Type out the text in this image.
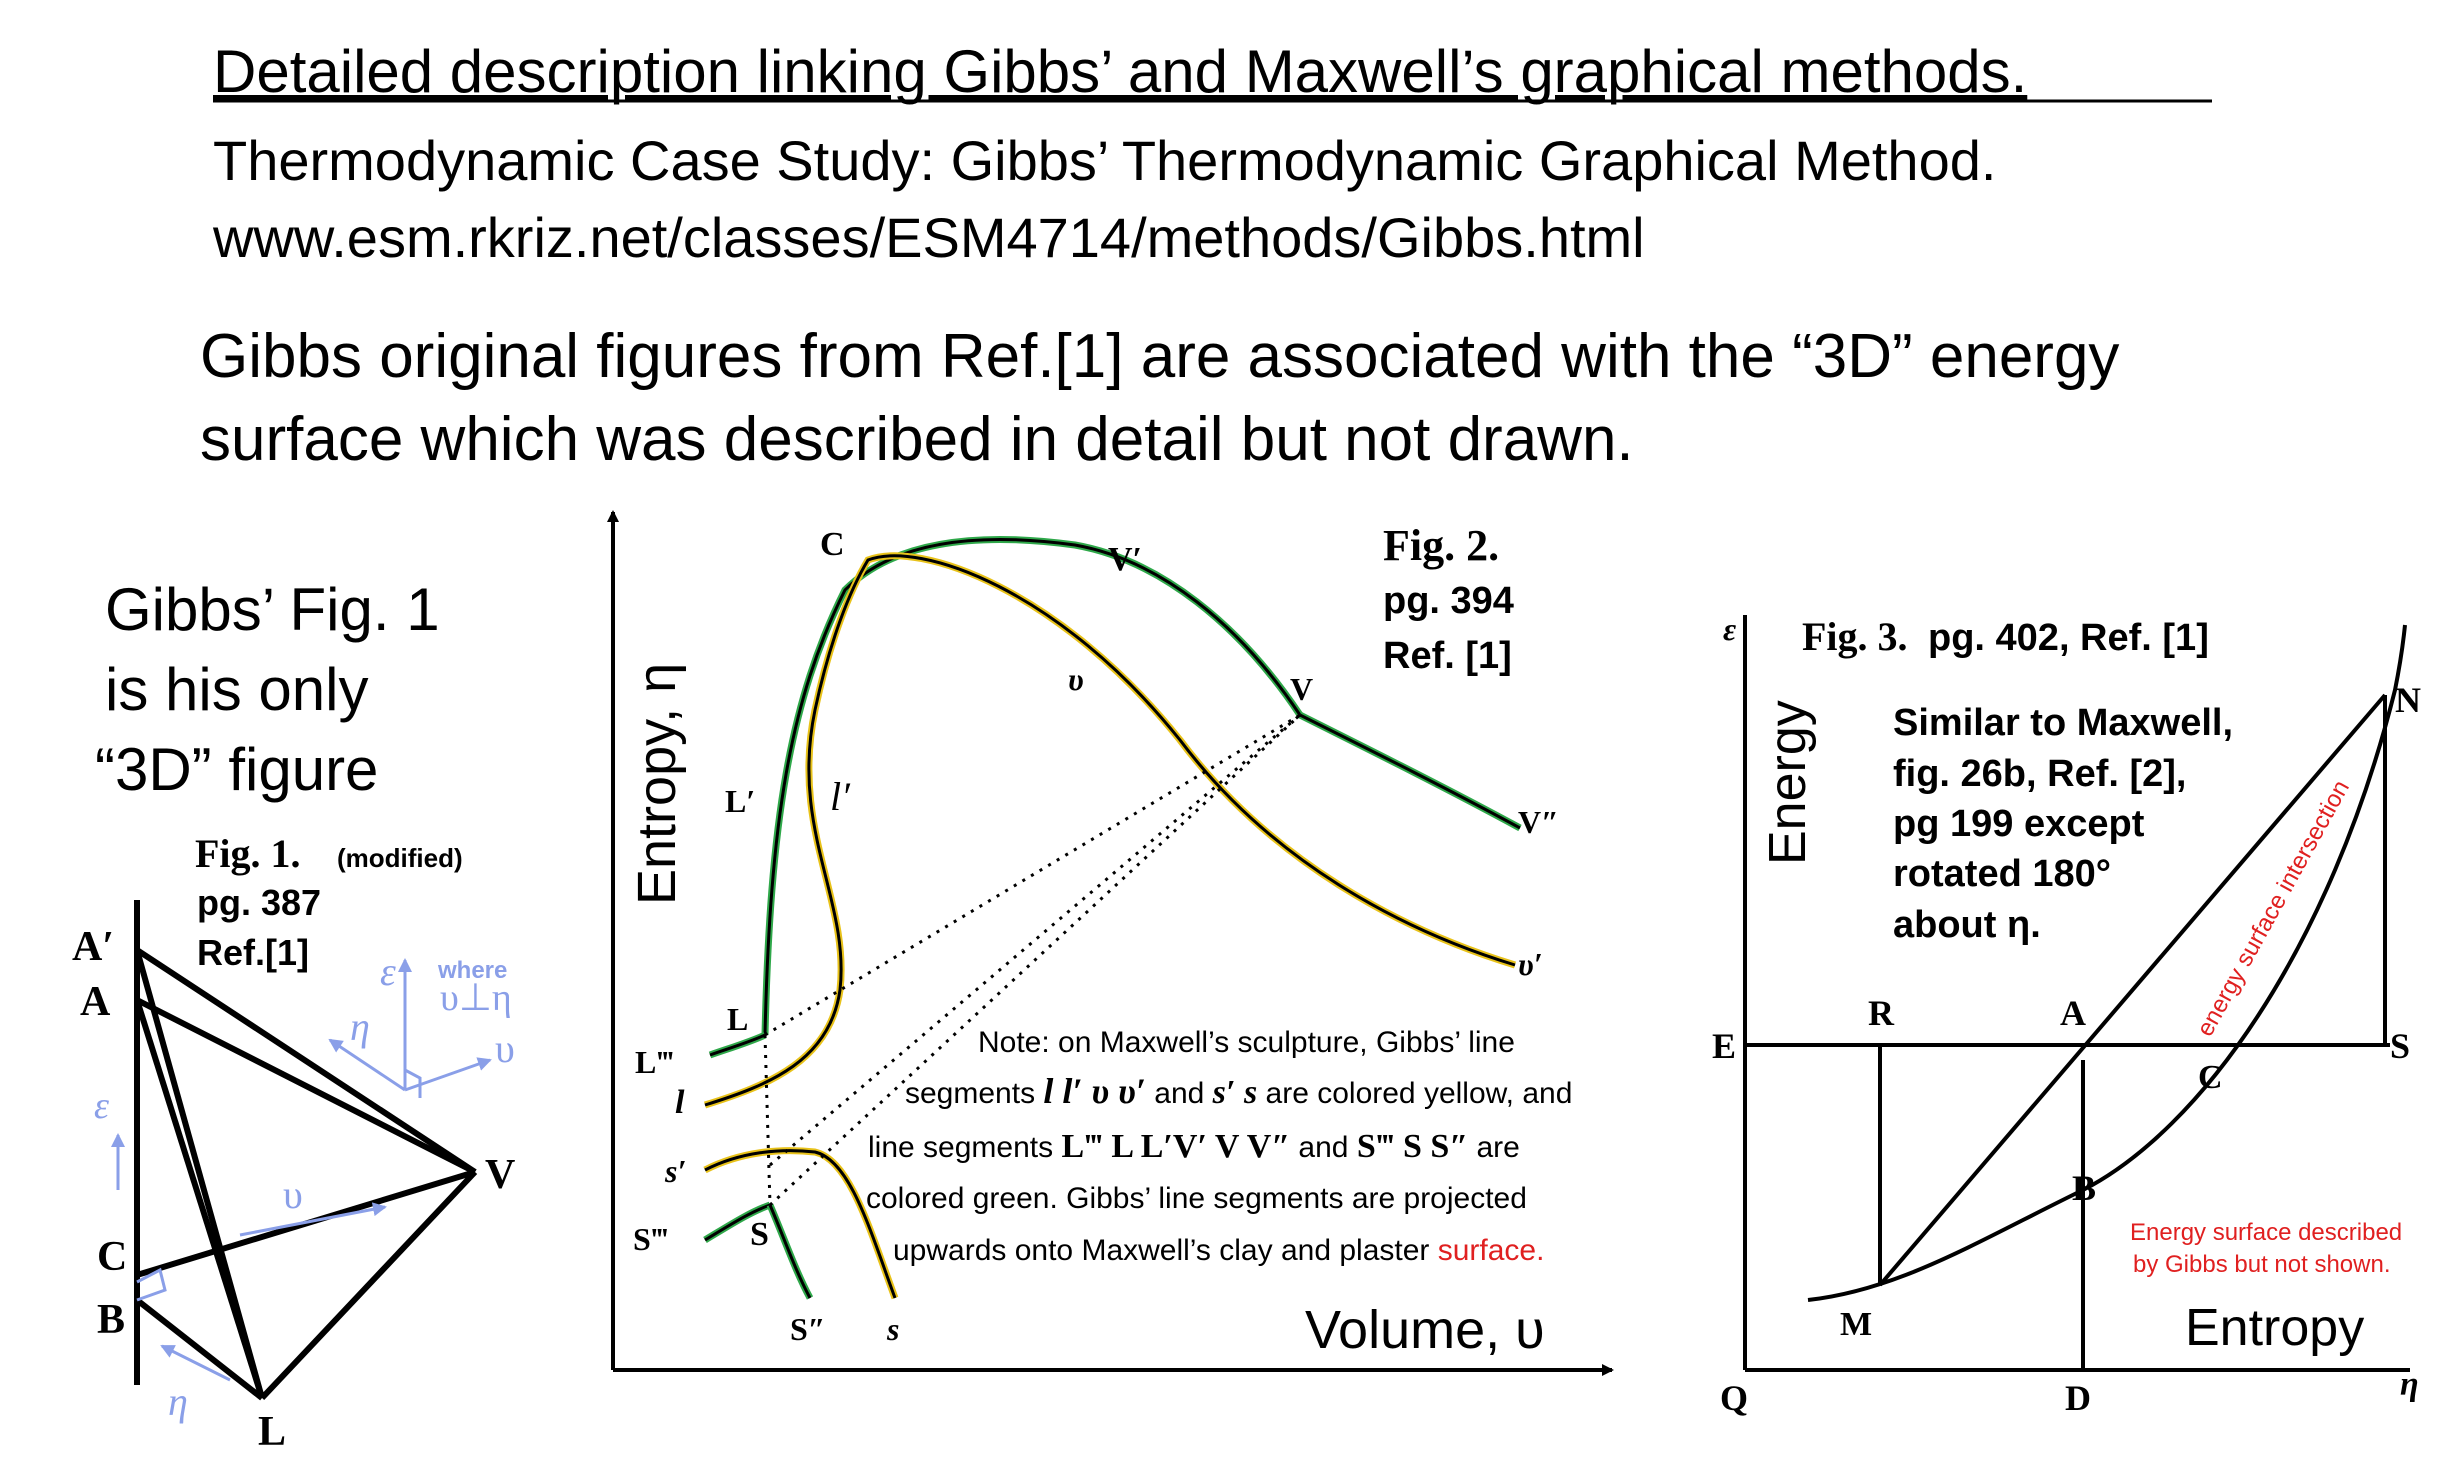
Detailed description linking Gibbs’ and Maxwell’s graphical methods.
Thermodynamic Case Study: Gibbs’ Thermodynamic Graphical Method.
www.esm.rkriz.net/classes/ESM4714/methods/Gibbs.html
Gibbs original figures from Ref.[1] are associated with the “3D” energy
surface which was described in detail but not drawn.
Gibbs’ Fig. 1
is his only
“3D” figure
Fig. 1. (modified)
pg. 387
Ref.[1]
A′
A
C
B
V
L
ε
η	υ
where
υ⊥η
ε
υ
η
Entropy, η
Volume, υ
Fig. 2.
pg. 394
Ref. [1]
C	V′
V
υ
V″
υ′
L′ l′
L
L‴
l
s′
S‴ S
S″ s
Note: on Maxwell’s sculpture, Gibbs’ line
segments l l′ υ υ′ and s′ s are colored yellow, and
line segments L‴ L L′V′ V V″ and S‴ S S″ are
colored green. Gibbs’ line segments are projected
upwards onto Maxwell’s clay and plaster surface.
Fig. 3. pg. 402, Ref. [1]
ε
Energy
Entropy
η
Similar to Maxwell,
fig. 26b, Ref. [2],
pg 199 except
rotated 180°
about η.	energy surface intersection
Energy surface described
by Gibbs but not shown.
N
E
R	A
S
C
B
M
Q	D
